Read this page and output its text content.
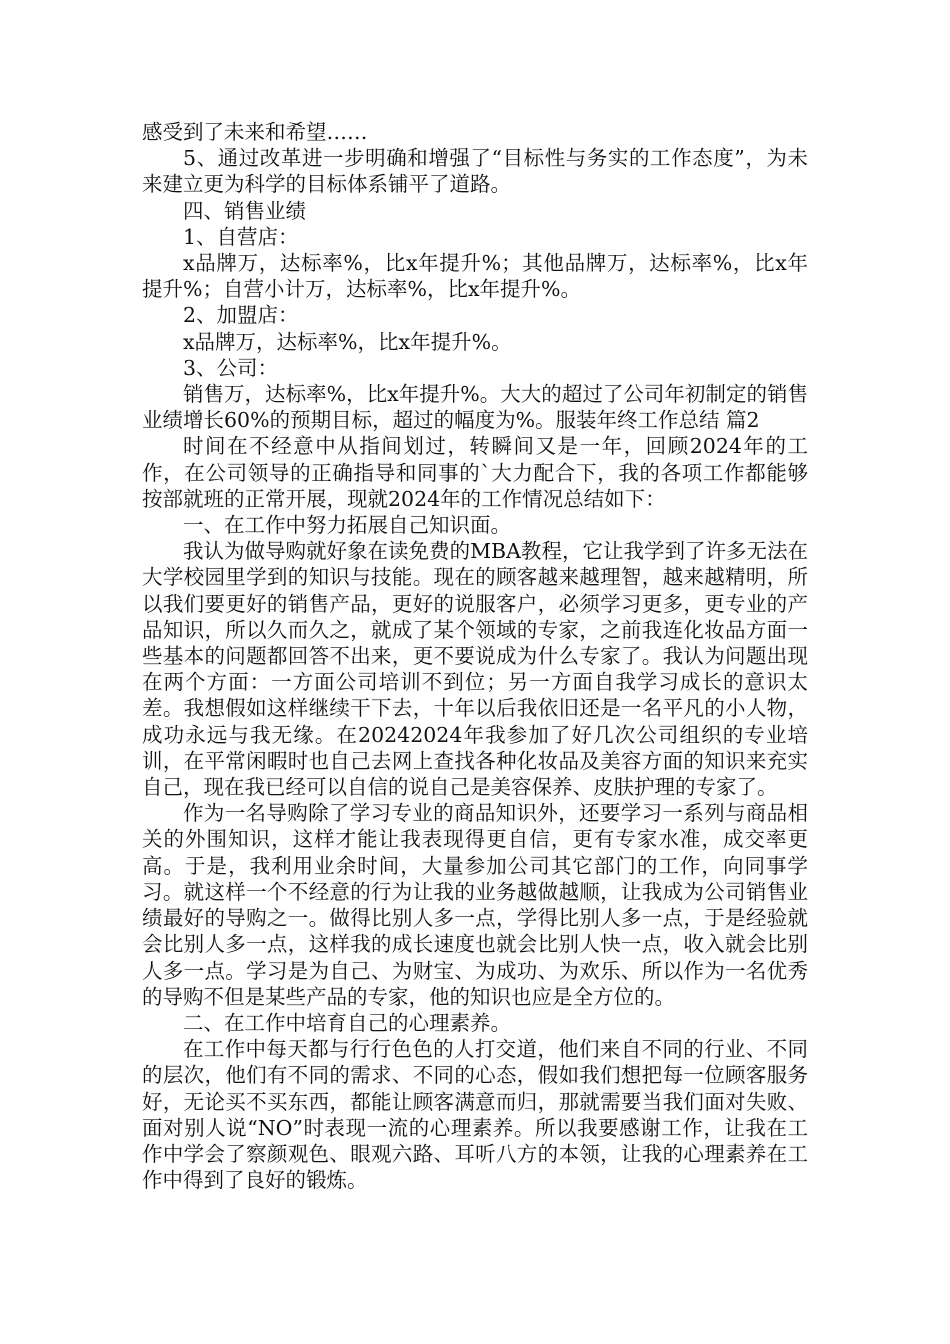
感受到了未来和希望……

5、通过改革进一步明确和增强了“目标性与务实的工作态度”，为未来建立更为科学的目标体系铺平了道路。

四、销售业绩

1、自营店：

x品牌万，达标率%，比x年提升%；其他品牌万，达标率%，比x年提升%；自营小计万，达标率%，比x年提升%。

2、加盟店：

x品牌万，达标率%，比x年提升%。

3、公司：

销售万，达标率%，比x年提升%。大大的超过了公司年初制定的销售业绩增长60%的预期目标，超过的幅度为%。服装年终工作总结 篇2

时间在不经意中从指间划过，转瞬间又是一年，回顾2024年的工作，在公司领导的正确指导和同事的`大力配合下，我的各项工作都能够按部就班的正常开展，现就2024年的工作情况总结如下：

一、在工作中努力拓展自己知识面。

我认为做导购就好象在读免费的MBA教程，它让我学到了许多无法在大学校园里学到的知识与技能。现在的顾客越来越理智，越来越精明，所以我们要更好的销售产品，更好的说服客户，必须学习更多，更专业的产品知识，所以久而久之，就成了某个领域的专家，之前我连化妆品方面一些基本的问题都回答不出来，更不要说成为什么专家了。我认为问题出现在两个方面：一方面公司培训不到位；另一方面自我学习成长的意识太差。我想假如这样继续干下去，十年以后我依旧还是一名平凡的小人物，成功永远与我无缘。在20242024年我参加了好几次公司组织的专业培训，在平常闲暇时也自己去网上查找各种化妆品及美容方面的知识来充实自己，现在我已经可以自信的说自己是美容保养、皮肤护理的专家了。

作为一名导购除了学习专业的商品知识外，还要学习一系列与商品相关的外围知识，这样才能让我表现得更自信，更有专家水准，成交率更高。于是，我利用业余时间，大量参加公司其它部门的工作，向同事学习。就这样一个不经意的行为让我的业务越做越顺，让我成为公司销售业绩最好的导购之一。做得比别人多一点，学得比别人多一点，于是经验就会比别人多一点，这样我的成长速度也就会比别人快一点，收入就会比别人多一点。学习是为自己、为财宝、为成功、为欢乐、所以作为一名优秀的导购不但是某些产品的专家，他的知识也应是全方位的。

二、在工作中培育自己的心理素养。

在工作中每天都与行行色色的人打交道，他们来自不同的行业、不同的层次，他们有不同的需求、不同的心态，假如我们想把每一位顾客服务好，无论买不买东西，都能让顾客满意而归，那就需要当我们面对失败、面对别人说“NO”时表现一流的心理素养。所以我要感谢工作，让我在工作中学会了察颜观色、眼观六路、耳听八方的本领，让我的心理素养在工作中得到了良好的锻炼。
